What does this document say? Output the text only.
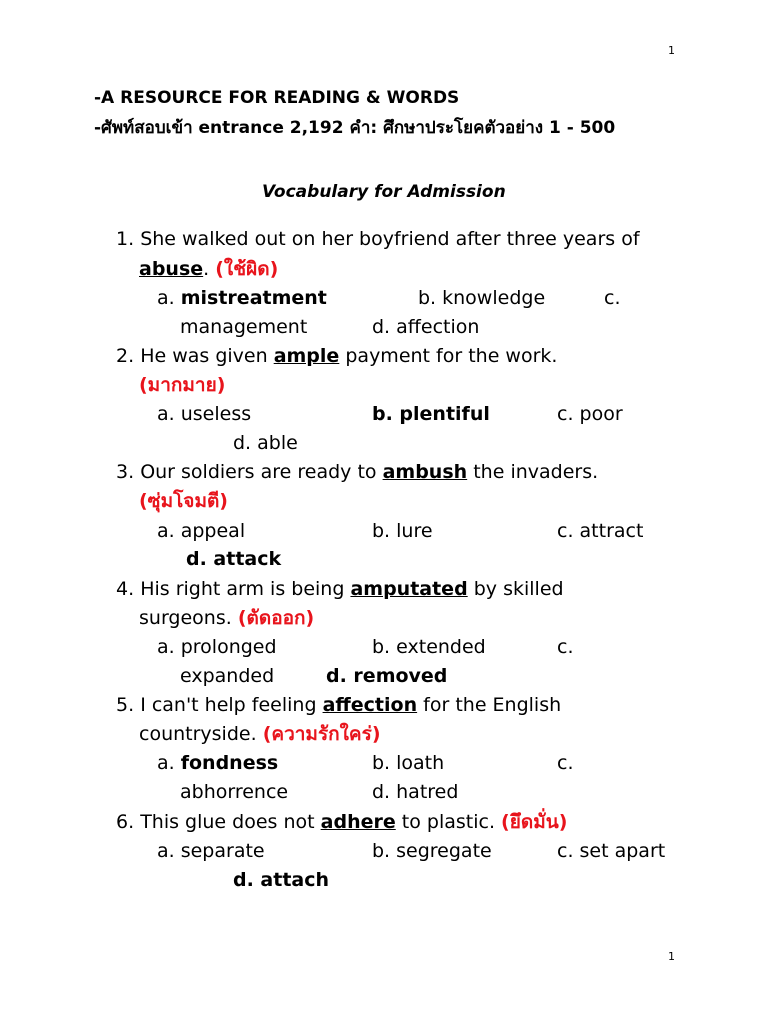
1
1
-A RESOURCE FOR READING & WORDS
-ศัพท์สอบเข้า entrance 2,192 คำ: ศึกษาประโยคตัวอย่าง 1 - 500
Vocabulary for Admission
1. She walked out on her boyfriend after three years of
abuse. (ใช้ผิด)
a. mistreatment	b. knowledge	c.
management	d. affection
2. He was given ample payment for the work.
(มากมาย)
a. useless	b. plentiful	c. poor
d. able
3. Our soldiers are ready to ambush the invaders.
(ซุ่มโจมตี)
a. appeal	b. lure	c. attract
d. attack
4. His right arm is being amputated by skilled
surgeons. (ตัดออก)
a. prolonged	b. extended	c.
expanded	d. removed
5. I can't help feeling affection for the English
countryside. (ความรักใคร่)
a. fondness	b. loath	c.
abhorrence	d. hatred
6. This glue does not adhere to plastic. (ยึดมั่น)
a. separate	b. segregate	c. set apart
d. attach
